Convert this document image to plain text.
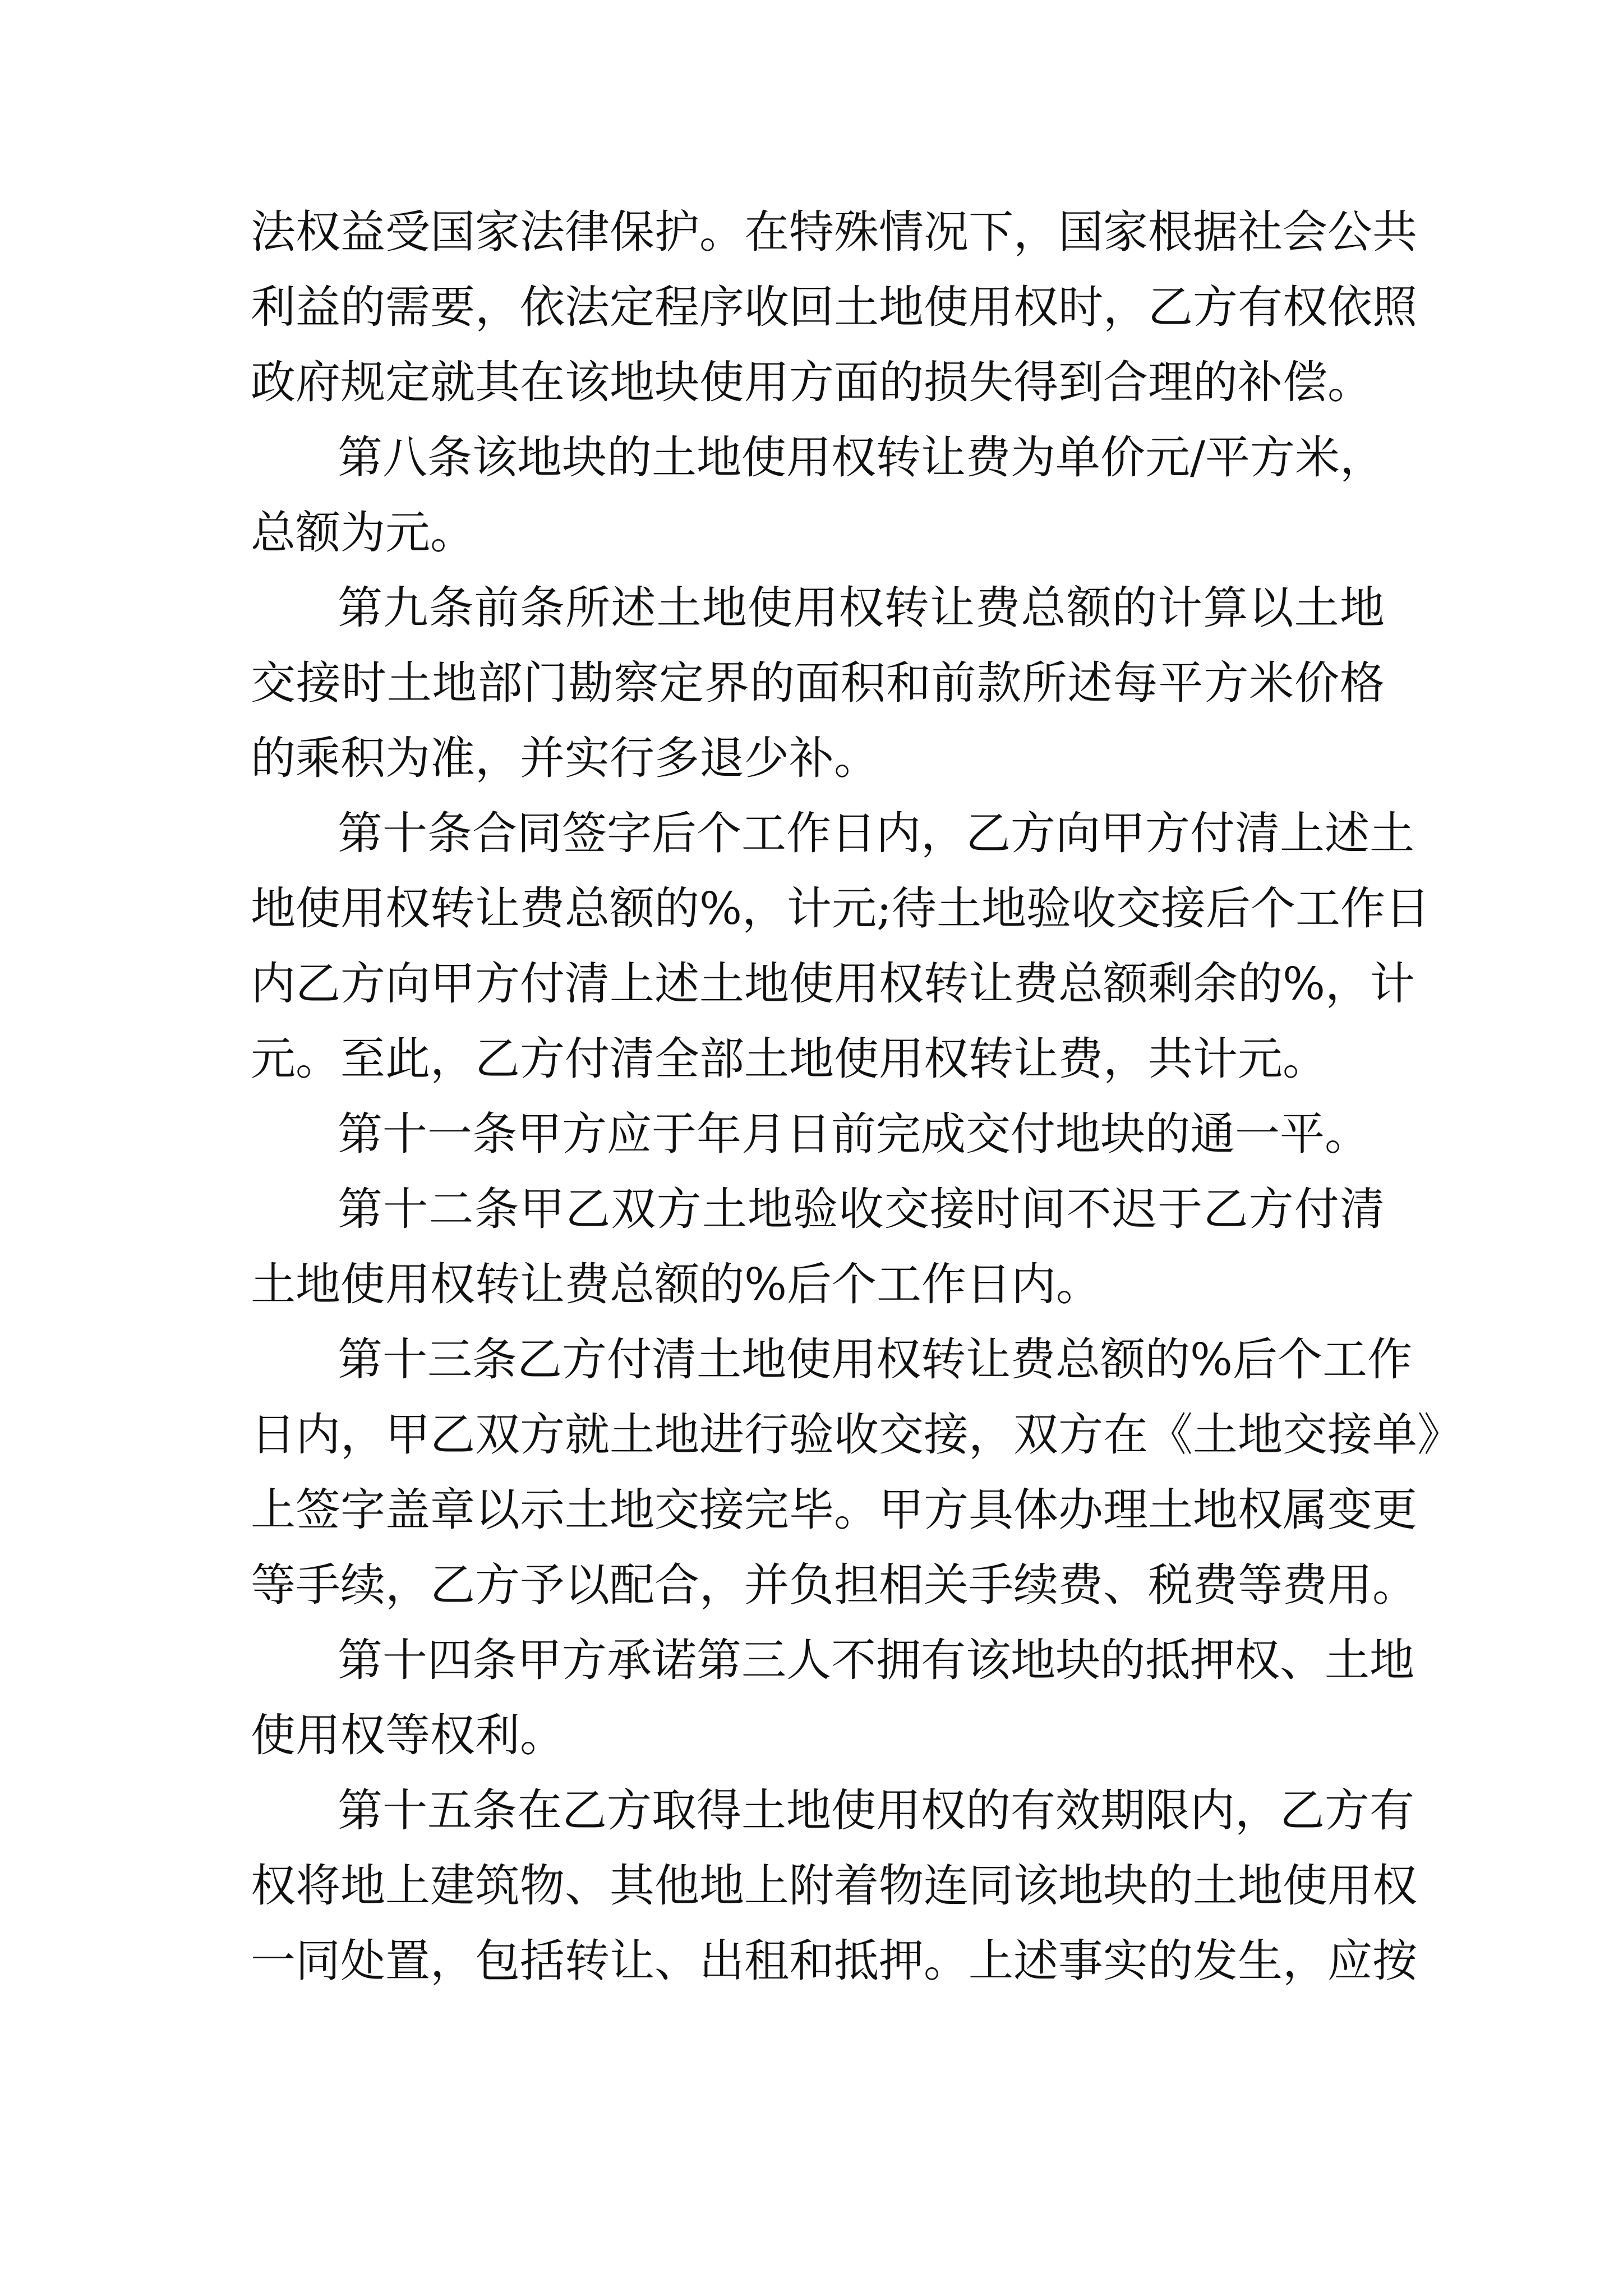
法权益受国家法律保护。在特殊情况下，国家根据社会公共
利益的需要，依法定程序收回土地使用权时，乙方有权依照
政府规定就其在该地块使用方面的损失得到合理的补偿。
第八条该地块的土地使用权转让费为单价元/平方米，
总额为元。
第九条前条所述土地使用权转让费总额的计算以土地
交接时土地部门勘察定界的面积和前款所述每平方米价格
的乘积为准，并实行多退少补。
第十条合同签字后个工作日内，乙方向甲方付清上述土
地使用权转让费总额的%，计元;待土地验收交接后个工作日
内乙方向甲方付清上述土地使用权转让费总额剩余的%，计
元。至此，乙方付清全部土地使用权转让费，共计元。
第十一条甲方应于年月日前完成交付地块的通一平。
第十二条甲乙双方土地验收交接时间不迟于乙方付清
土地使用权转让费总额的%后个工作日内。
第十三条乙方付清土地使用权转让费总额的%后个工作
日内，甲乙双方就土地进行验收交接，双方在《土地交接单》
上签字盖章以示土地交接完毕。甲方具体办理土地权属变更
等手续，乙方予以配合，并负担相关手续费、税费等费用。
第十四条甲方承诺第三人不拥有该地块的抵押权、土地
使用权等权利。
第十五条在乙方取得土地使用权的有效期限内，乙方有
权将地上建筑物、其他地上附着物连同该地块的土地使用权
一同处置，包括转让、出租和抵押。上述事实的发生，应按
